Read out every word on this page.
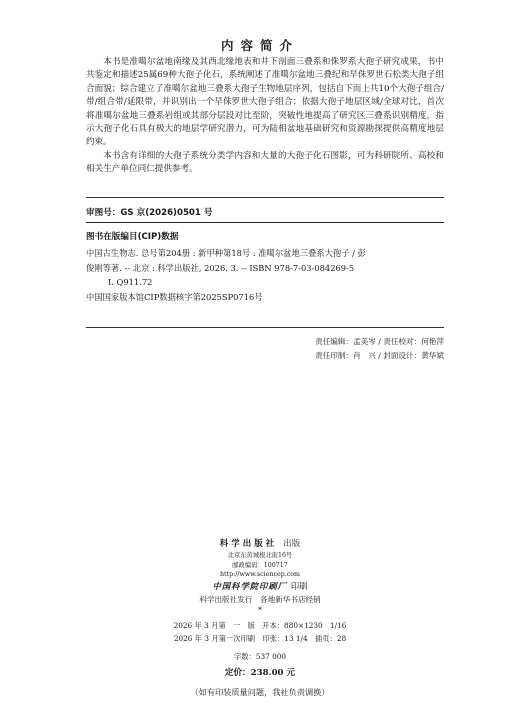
内容简介

本书是准噶尔盆地南缘及其西北缘地表和井下剖面三叠系和侏罗系大孢子研究成果，书中共鉴定和描述25属69种大孢子化石，系统阐述了准噶尔盆地三叠纪和早侏罗世石松类大孢子组合面貌；综合建立了准噶尔盆地三叠系大孢子生物地层序列，包括自下而上共10个大孢子组合/带/组合带/延限带，并识别出一个早侏罗世大孢子组合；依据大孢子地层区域/全球对比，首次将准噶尔盆地三叠系岩组或其部分层段对比至阶，突破性地提高了研究区三叠系识别精度，指示大孢子化石具有极大的地层学研究潜力，可为陆相盆地基础研究和资源勘探提供高精度地层约束。

本书含有详细的大孢子系统分类学内容和大量的大孢子化石图影，可为科研院所、高校和相关生产单位同仁提供参考。

审图号：GS 京(2026)0501 号
图书在版编目(CIP)数据
中国古生物志. 总号第204册 : 新甲种第18号 : 准噶尔盆地三叠系大孢子 / 彭
俊刚等著. -- 北京 : 科学出版社, 2026. 3. -- ISBN 978-7-03-084269-5
Ⅰ. Q911.72
中国国家版本馆CIP数据核字第2025SP0716号
责任编辑：孟美岑 / 责任校对：何艳萍
责任印制：肖　兴 / 封面设计：黄华斌
科学出版社 出版
北京东黄城根北街16号
邮政编码：100717
http://www.sciencep.com
中国科学院印刷厂 印刷
科学出版社发行　各地新华书店经销
*
2026 年 3 月第　一　版　开本：880×1230　1/16
2026 年 3 月第一次印刷　印张：13 1/4　插页：28
字数：537 000
定价：238.00 元
（如有印装质量问题，我社负责调换）
